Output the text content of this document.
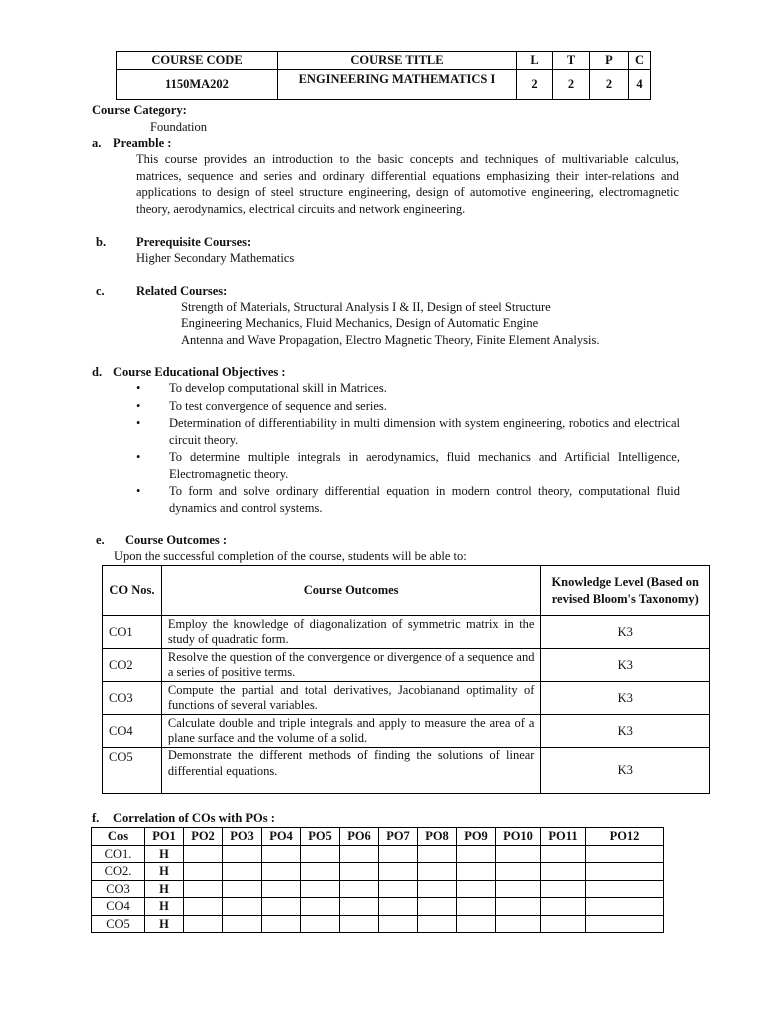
COURSE CODE	COURSE TITLE	L	T	P	C
1150MA202	ENGINEERING MATHEMATICS I	2	2	2	4
Course Category:
Foundation
a. Preamble :
This course provides an introduction to the basic concepts and techniques of multivariable calculus, matrices, sequence and series and ordinary differential equations emphasizing their inter-relations and applications to design of steel structure engineering, design of automotive engineering, electromagnetic theory, aerodynamics, electrical circuits and network engineering.
b. Prerequisite Courses:
Higher Secondary Mathematics
c.	Related Courses:
Strength of Materials, Structural Analysis I & II, Design of steel Structure
Engineering Mechanics, Fluid Mechanics, Design of Automatic Engine
Antenna and Wave Propagation, Electro Magnetic Theory, Finite Element Analysis.
d. Course Educational Objectives :
• To develop computational skill in Matrices.
• To test convergence of sequence and series.
• Determination of differentiability in multi dimension with system engineering, robotics and electrical circuit theory.
• To determine multiple integrals in aerodynamics, fluid mechanics and Artificial Intelligence, Electromagnetic theory.
• To form and solve ordinary differential equation in modern control theory, computational fluid dynamics and control systems.
e. Course Outcomes :
Upon the successful completion of the course, students will be able to:
CO Nos.	Course Outcomes	Knowledge Level (Based on revised Bloom's Taxonomy)
CO1	Employ the knowledge of diagonalization of symmetric matrix in the study of quadratic form.	K3
CO2	Resolve the question of the convergence or divergence of a sequence and a series of positive terms.	K3
CO3	Compute the partial and total derivatives, Jacobianand optimality of functions of several variables.	K3
CO4	Calculate double and triple integrals and apply to measure the area of a plane surface and the volume of a solid.	K3
CO5	Demonstrate the different methods of finding the solutions of linear differential equations.	K3
f. Correlation of COs with POs :
Cos	PO1	PO2	PO3	PO4	PO5	PO6	PO7	PO8	PO9	PO10	PO11	PO12
CO1.	H											
CO2.	H											
CO3	H											
CO4	H											
CO5	H											
